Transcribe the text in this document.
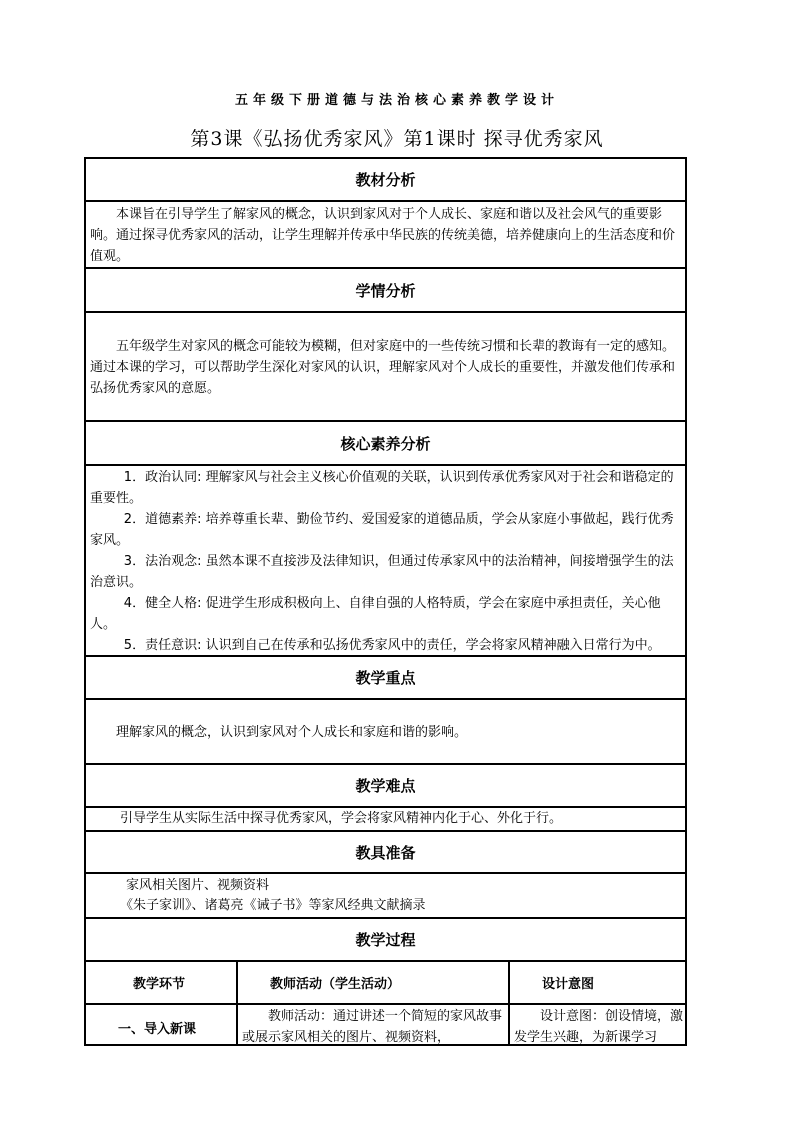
五年级下册道德与法治核心素养教学设计
第3课《弘扬优秀家风》第1课时 探寻优秀家风
教材分析

本课旨在引导学生了解家风的概念，认识到家风对于个人成长、家庭和谐以及社会风气的重要影响。通过探寻优秀家风的活动，让学生理解并传承中华民族的传统美德，培养健康向上的生活态度和价值观。

学情分析

五年级学生对家风的概念可能较为模糊，但对家庭中的一些传统习惯和长辈的教诲有一定的感知。通过本课的学习，可以帮助学生深化对家风的认识，理解家风对个人成长的重要性，并激发他们传承和弘扬优秀家风的意愿。

核心素养分析

1．政治认同: 理解家风与社会主义核心价值观的关联，认识到传承优秀家风对于社会和谐稳定的重要性。

2．道德素养: 培养尊重长辈、勤俭节约、爱国爱家的道德品质，学会从家庭小事做起，践行优秀家风。

3．法治观念: 虽然本课不直接涉及法律知识，但通过传承家风中的法治精神，间接增强学生的法治意识。

4．健全人格: 促进学生形成积极向上、自律自强的人格特质，学会在家庭中承担责任，关心他人。

5．责任意识: 认识到自己在传承和弘扬优秀家风中的责任，学会将家风精神融入日常行为中。

教学重点

理解家风的概念，认识到家风对个人成长和家庭和谐的影响。

教学难点

引导学生从实际生活中探寻优秀家风，学会将家风精神内化于心、外化于行。

教具准备

家风相关图片、视频资料

《朱子家训》、诸葛亮《诫子书》等家风经典文献摘录

教学过程
教学环节	教师活动（学生活动）	设计意图
一、导入新课
教师活动：通过讲述一个简短的家风故事或展示家风相关的图片、视频资料，
设计意图：创设情境，激发学生兴趣，为新课学习
